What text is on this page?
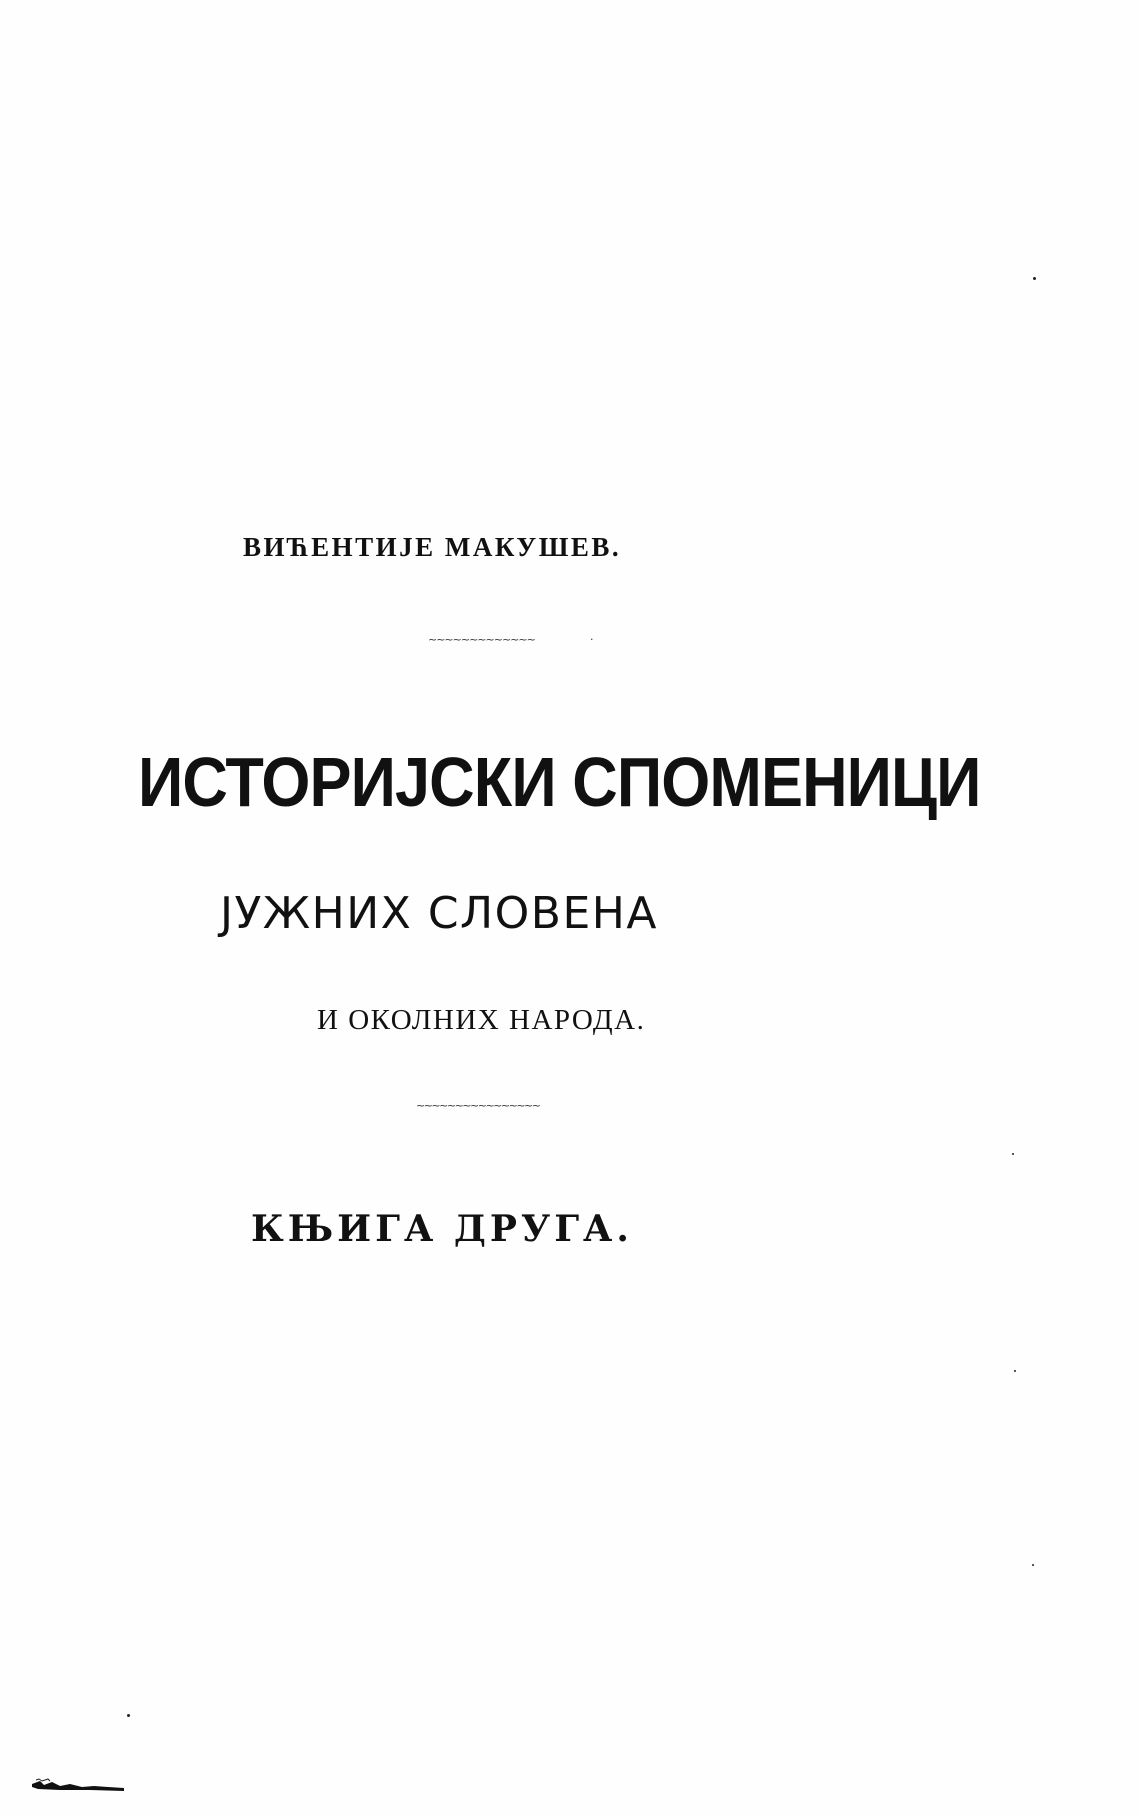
ВИЋЕНТИЈЕ МАКУШЕВ.
~~~~~~~~~~~~~	·
ИСТОРИЈСКИ СПОМЕНИЦИ
ЈУЖНИХ СЛОВЕНА
И ОКОЛНИХ НАРОДА.
~~~~~~~~~~~~~~~~
КЊИГА ДРУГА.
